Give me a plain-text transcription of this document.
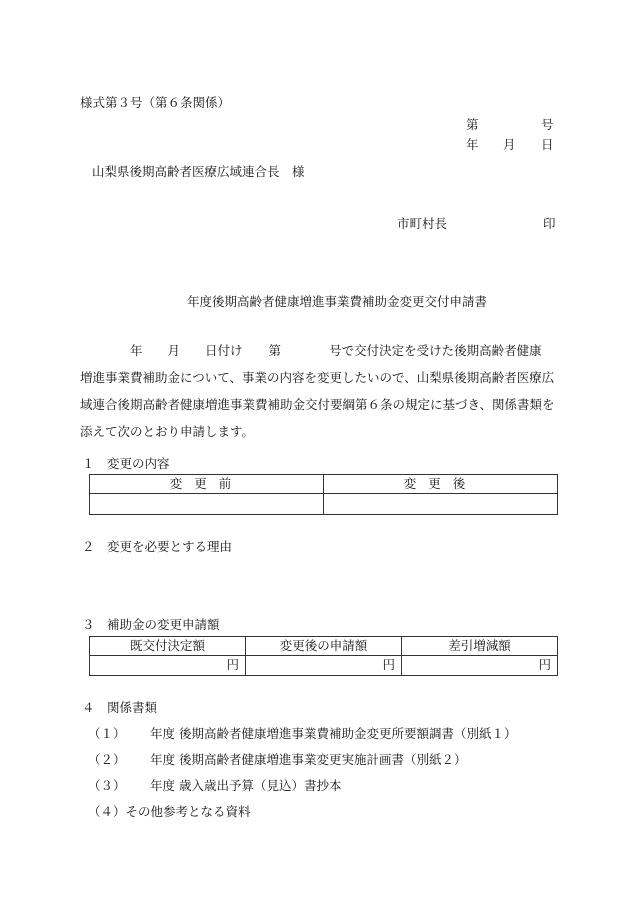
様式第３号（第６条関係）
第	号
年 月 日
山梨県後期高齢者医療広域連合長　様
市町村長	印
年度後期高齢者健康増進事業費補助金変更交付申請書
年 月 日付け 第	号で交付決定を受けた後期高齢者健康
増進事業費補助金について、事業の内容を変更したいので、山梨県後期高齢者医療広
域連合後期高齢者健康増進事業費補助金交付要綱第６条の規定に基づき、関係書類を
添えて次のとおり申請します。
１　変更の内容
変更前	変更後

２　変更を必要とする理由
３　補助金の変更申請額
既交付決定額	変更後の申請額	差引増減額
円	円	円
４　関係書類
（１） 年度 後期高齢者健康増進事業費補助金変更所要額調書（別紙１）
（２） 年度 後期高齢者健康増進事業変更実施計画書（別紙２）
（３） 年度 歳入歳出予算（見込）書抄本
（４）その他参考となる資料
